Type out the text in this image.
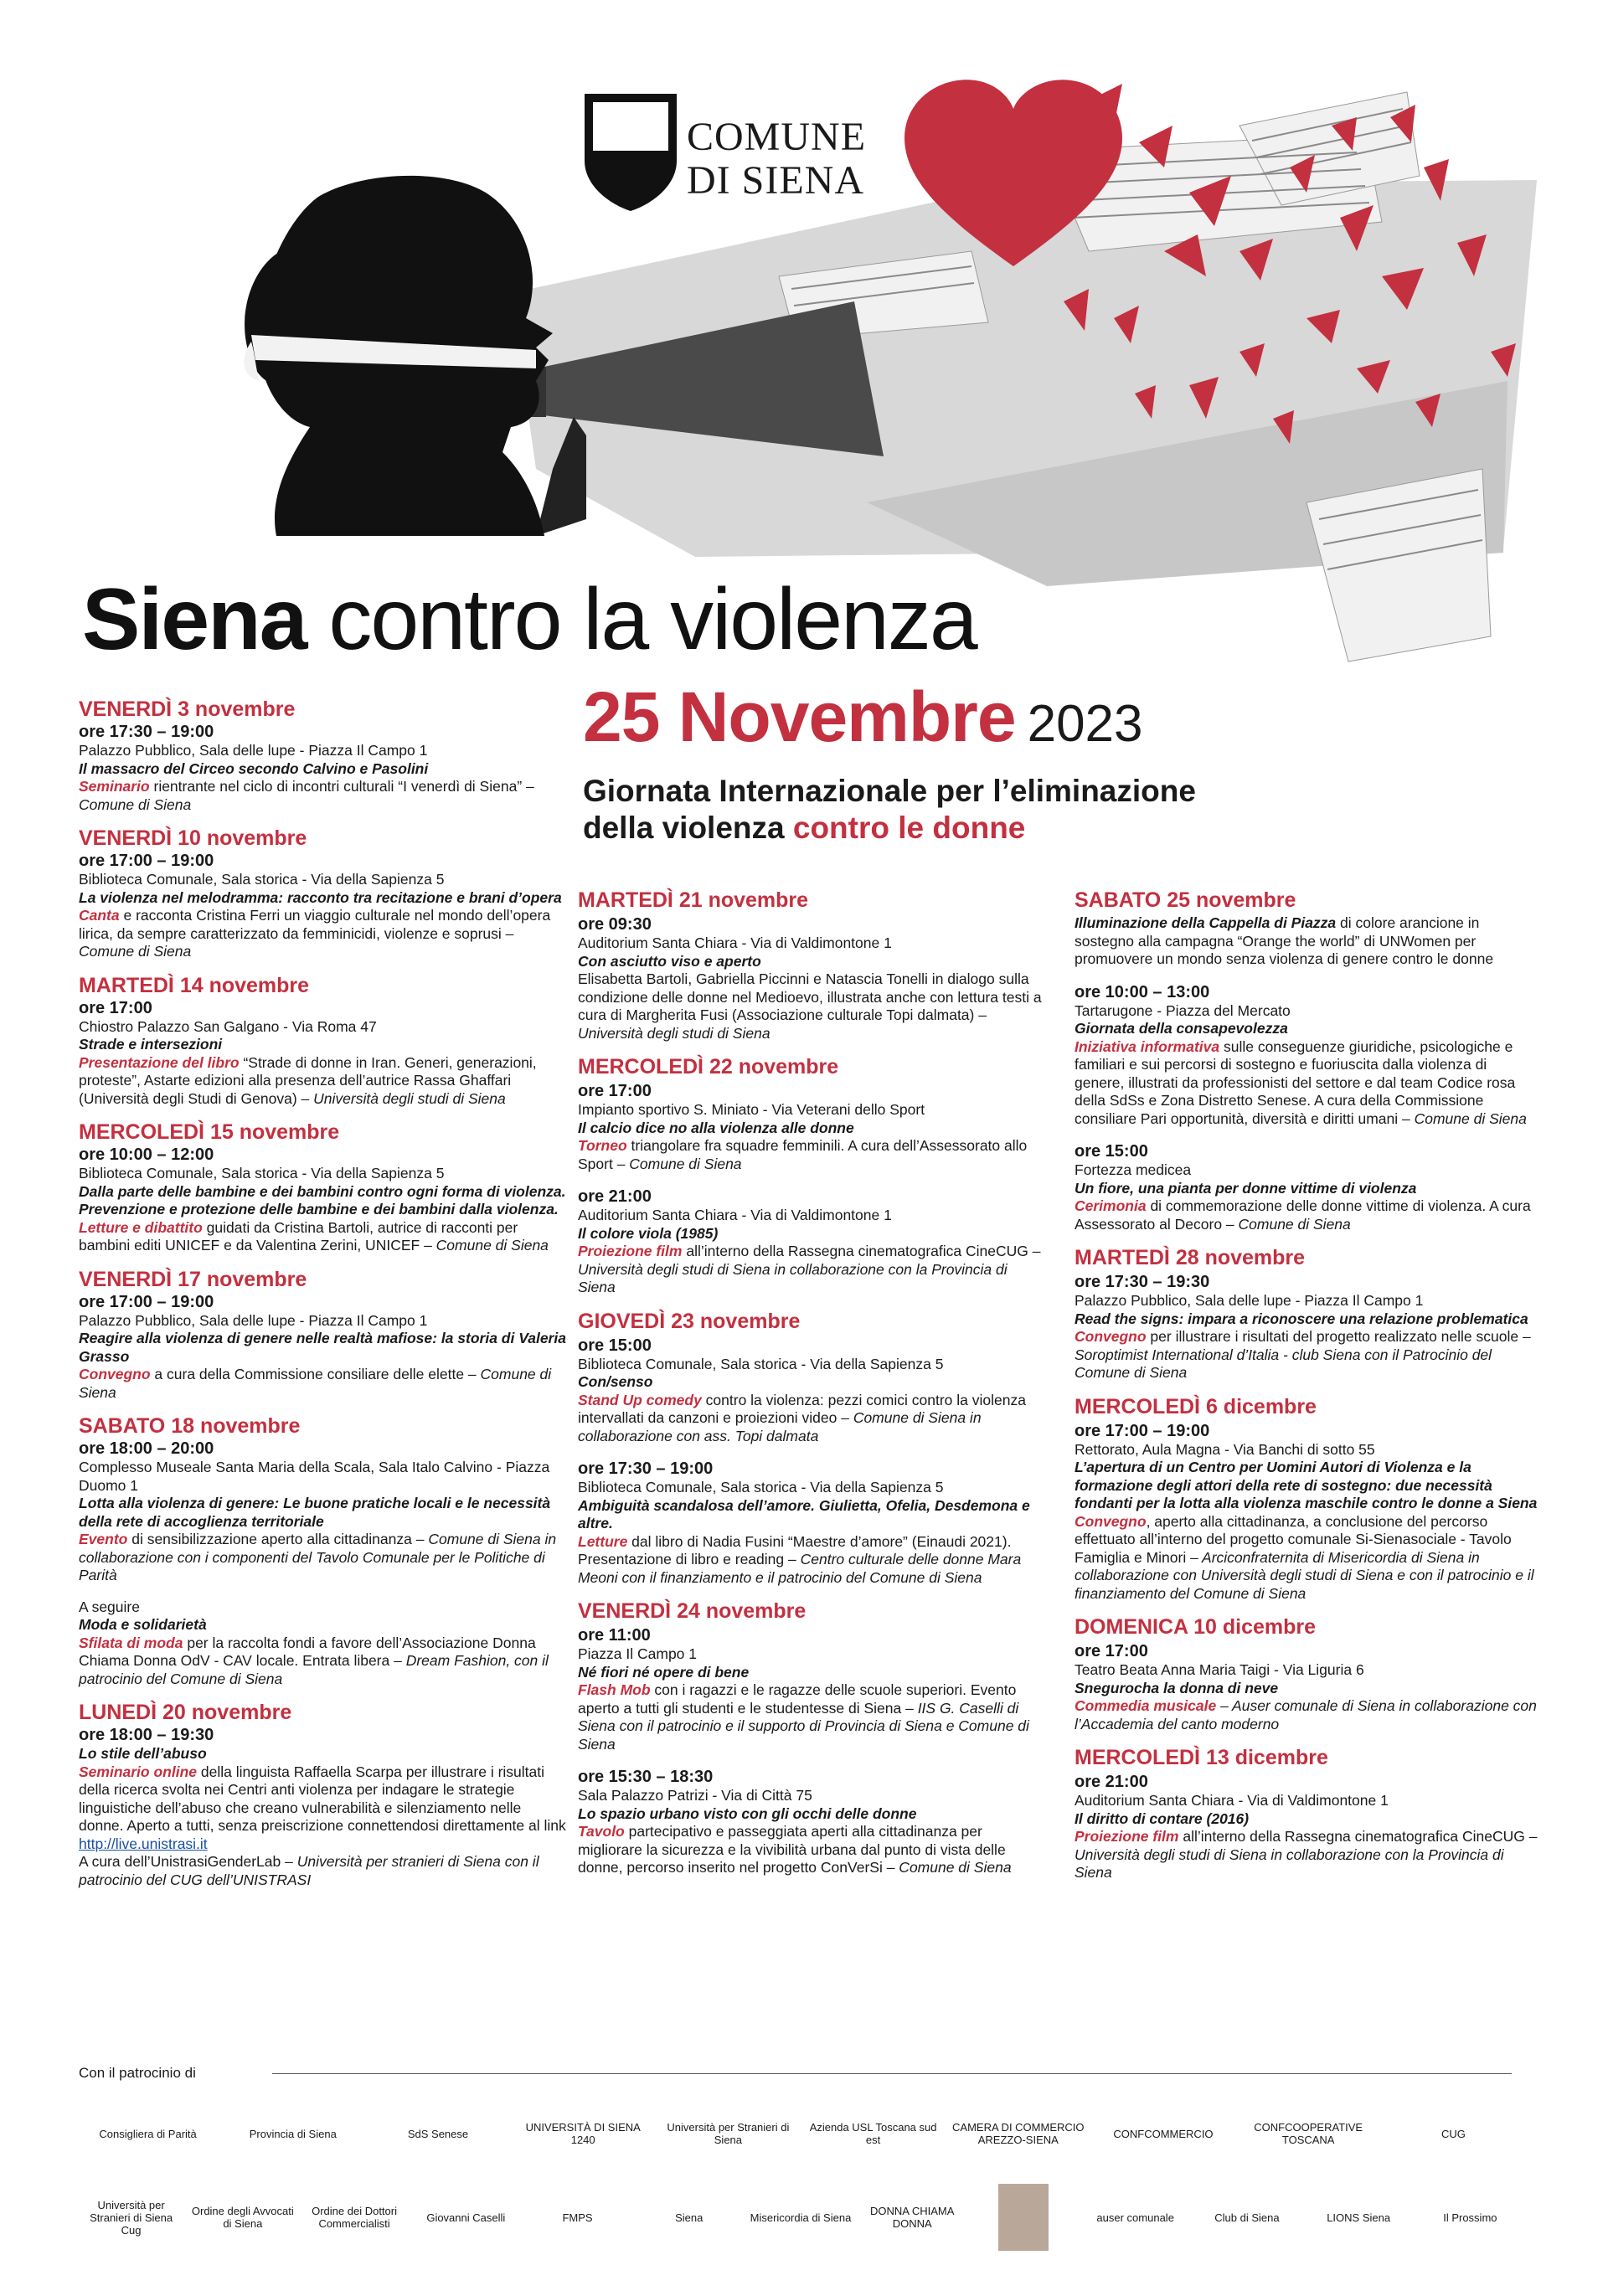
COMUNE
DI SIENA
Siena contro la violenza
25 Novembre 2023
Giornata Internazionale per l’eliminazione
della violenza contro le donne
VENERDÌ 3 novembre
ore 17:30 – 19:00
Palazzo Pubblico, Sala delle lupe - Piazza Il Campo 1
Il massacro del Circeo secondo Calvino e Pasolini
Seminario rientrante nel ciclo di incontri culturali “I venerdì di Siena” – Comune di Siena
VENERDÌ 10 novembre
ore 17:00 – 19:00
Biblioteca Comunale, Sala storica - Via della Sapienza 5
La violenza nel melodramma: racconto tra recitazione e brani d’opera
Canta e racconta Cristina Ferri un viaggio culturale nel mondo dell’opera lirica, da sempre caratterizzato da femminicidi, violenze e soprusi – Comune di Siena
MARTEDÌ 14 novembre
ore 17:00
Chiostro Palazzo San Galgano - Via Roma 47
Strade e intersezioni
Presentazione del libro “Strade di donne in Iran. Generi, generazioni, proteste”, Astarte edizioni alla presenza dell’autrice Rassa Ghaffari (Università degli Studi di Genova) – Università degli studi di Siena
MERCOLEDÌ 15 novembre
ore 10:00 – 12:00
Biblioteca Comunale, Sala storica - Via della Sapienza 5
Dalla parte delle bambine e dei bambini contro ogni forma di violenza. Prevenzione e protezione delle bambine e dei bambini dalla violenza.
Letture e dibattito guidati da Cristina Bartoli, autrice di racconti per bambini editi UNICEF e da Valentina Zerini, UNICEF – Comune di Siena
VENERDÌ 17 novembre
ore 17:00 – 19:00
Palazzo Pubblico, Sala delle lupe - Piazza Il Campo 1
Reagire alla violenza di genere nelle realtà mafiose: la storia di Valeria Grasso
Convegno a cura della Commissione consiliare delle elette – Comune di Siena
SABATO 18 novembre
ore 18:00 – 20:00
Complesso Museale Santa Maria della Scala, Sala Italo Calvino - Piazza Duomo 1
Lotta alla violenza di genere: Le buone pratiche locali e le necessità della rete di accoglienza territoriale
Evento di sensibilizzazione aperto alla cittadinanza – Comune di Siena in collaborazione con i componenti del Tavolo Comunale per le Politiche di Parità
A seguire
Moda e solidarietà
Sfilata di moda per la raccolta fondi a favore dell’Associazione Donna Chiama Donna OdV - CAV locale. Entrata libera – Dream Fashion, con il patrocinio del Comune di Siena
LUNEDÌ 20 novembre
ore 18:00 – 19:30
Lo stile dell’abuso
Seminario online della linguista Raffaella Scarpa per illustrare i risultati della ricerca svolta nei Centri anti violenza per indagare le strategie linguistiche dell’abuso che creano vulnerabilità e silenziamento nelle donne. Aperto a tutti, senza preiscrizione connettendosi direttamente al link http://live.unistrasi.it
A cura dell’UnistrasiGenderLab – Università per stranieri di Siena con il patrocinio del CUG dell’UNISTRASI
MARTEDÌ 21 novembre
ore 09:30
Auditorium Santa Chiara - Via di Valdimontone 1
Con asciutto viso e aperto
Elisabetta Bartoli, Gabriella Piccinni e Natascia Tonelli in dialogo sulla condizione delle donne nel Medioevo, illustrata anche con lettura testi a cura di Margherita Fusi (Associazione culturale Topi dalmata) – Università degli studi di Siena
MERCOLEDÌ 22 novembre
ore 17:00
Impianto sportivo S. Miniato - Via Veterani dello Sport
Il calcio dice no alla violenza alle donne
Torneo triangolare fra squadre femminili. A cura dell’Assessorato allo Sport – Comune di Siena
ore 21:00
Auditorium Santa Chiara - Via di Valdimontone 1
Il colore viola (1985)
Proiezione film all’interno della Rassegna cinematografica CineCUG – Università degli studi di Siena in collaborazione con la Provincia di Siena
GIOVEDÌ 23 novembre
ore 15:00
Biblioteca Comunale, Sala storica - Via della Sapienza 5
Con/senso
Stand Up comedy contro la violenza: pezzi comici contro la violenza intervallati da canzoni e proiezioni video – Comune di Siena in collaborazione con ass. Topi dalmata
ore 17:30 – 19:00
Biblioteca Comunale, Sala storica - Via della Sapienza 5
Ambiguità scandalosa dell’amore. Giulietta, Ofelia, Desdemona e altre.
Letture dal libro di Nadia Fusini “Maestre d’amore” (Einaudi 2021). Presentazione di libro e reading – Centro culturale delle donne Mara Meoni con il finanziamento e il patrocinio del Comune di Siena
VENERDÌ 24 novembre
ore 11:00
Piazza Il Campo 1
Né fiori né opere di bene
Flash Mob con i ragazzi e le ragazze delle scuole superiori. Evento aperto a tutti gli studenti e le studentesse di Siena – IIS G. Caselli di Siena con il patrocinio e il supporto di Provincia di Siena e Comune di Siena
ore 15:30 – 18:30
Sala Palazzo Patrizi - Via di Città 75
Lo spazio urbano visto con gli occhi delle donne
Tavolo partecipativo e passeggiata aperti alla cittadinanza per migliorare la sicurezza e la vivibilità urbana dal punto di vista delle donne, percorso inserito nel progetto ConVerSi – Comune di Siena
SABATO 25 novembre
Illuminazione della Cappella di Piazza di colore arancione in sostegno alla campagna “Orange the world” di UNWomen per promuovere un mondo senza violenza di genere contro le donne
ore 10:00 – 13:00
Tartarugone - Piazza del Mercato
Giornata della consapevolezza
Iniziativa informativa sulle conseguenze giuridiche, psicologiche e familiari e sui percorsi di sostegno e fuoriuscita dalla violenza di genere, illustrati da professionisti del settore e dal team Codice rosa della SdSs e Zona Distretto Senese. A cura della Commissione consiliare Pari opportunità, diversità e diritti umani – Comune di Siena
ore 15:00
Fortezza medicea
Un fiore, una pianta per donne vittime di violenza
Cerimonia di commemorazione delle donne vittime di violenza. A cura Assessorato al Decoro – Comune di Siena
MARTEDÌ 28 novembre
ore 17:30 – 19:30
Palazzo Pubblico, Sala delle lupe - Piazza Il Campo 1
Read the signs: impara a riconoscere una relazione problematica
Convegno per illustrare i risultati del progetto realizzato nelle scuole – Soroptimist International d’Italia - club Siena con il Patrocinio del Comune di Siena
MERCOLEDÌ 6 dicembre
ore 17:00 – 19:00
Rettorato, Aula Magna - Via Banchi di sotto 55
L’apertura di un Centro per Uomini Autori di Violenza e la formazione degli attori della rete di sostegno: due necessità fondanti per la lotta alla violenza maschile contro le donne a Siena
Convegno, aperto alla cittadinanza, a conclusione del percorso effettuato all’interno del progetto comunale Si-Sienasociale - Tavolo Famiglia e Minori – Arciconfraternita di Misericordia di Siena in collaborazione con Università degli studi di Siena e con il patrocinio e il finanziamento del Comune di Siena
DOMENICA 10 dicembre
ore 17:00
Teatro Beata Anna Maria Taigi - Via Liguria 6
Snegurocha la donna di neve
Commedia musicale – Auser comunale di Siena in collaborazione con l’Accademia del canto moderno
MERCOLEDÌ 13 dicembre
ore 21:00
Auditorium Santa Chiara - Via di Valdimontone 1
Il diritto di contare (2016)
Proiezione film all’interno della Rassegna cinematografica CineCUG – Università degli studi di Siena in collaborazione con la Provincia di Siena
Con il patrocinio di
Consigliera di Parità	Provincia di Siena	SdS Senese	UNIVERSITÀ DI SIENA 1240
Università per Stranieri di Siena
Azienda USL Toscana sud est
CAMERA DI COMMERCIO AREZZO-SIENA	CONFCOMMERCIO	CONFCOOPERATIVE TOSCANA	CUG
Università per Stranieri di Siena Cug
Ordine degli Avvocati di Siena
Ordine dei Dottori Commercialisti	Giovanni Caselli	FMPS	Siena	Misericordia di Siena	DONNA CHIAMA DONNA	auser comunale	Club di Siena	LIONS Siena	Il Prossimo
